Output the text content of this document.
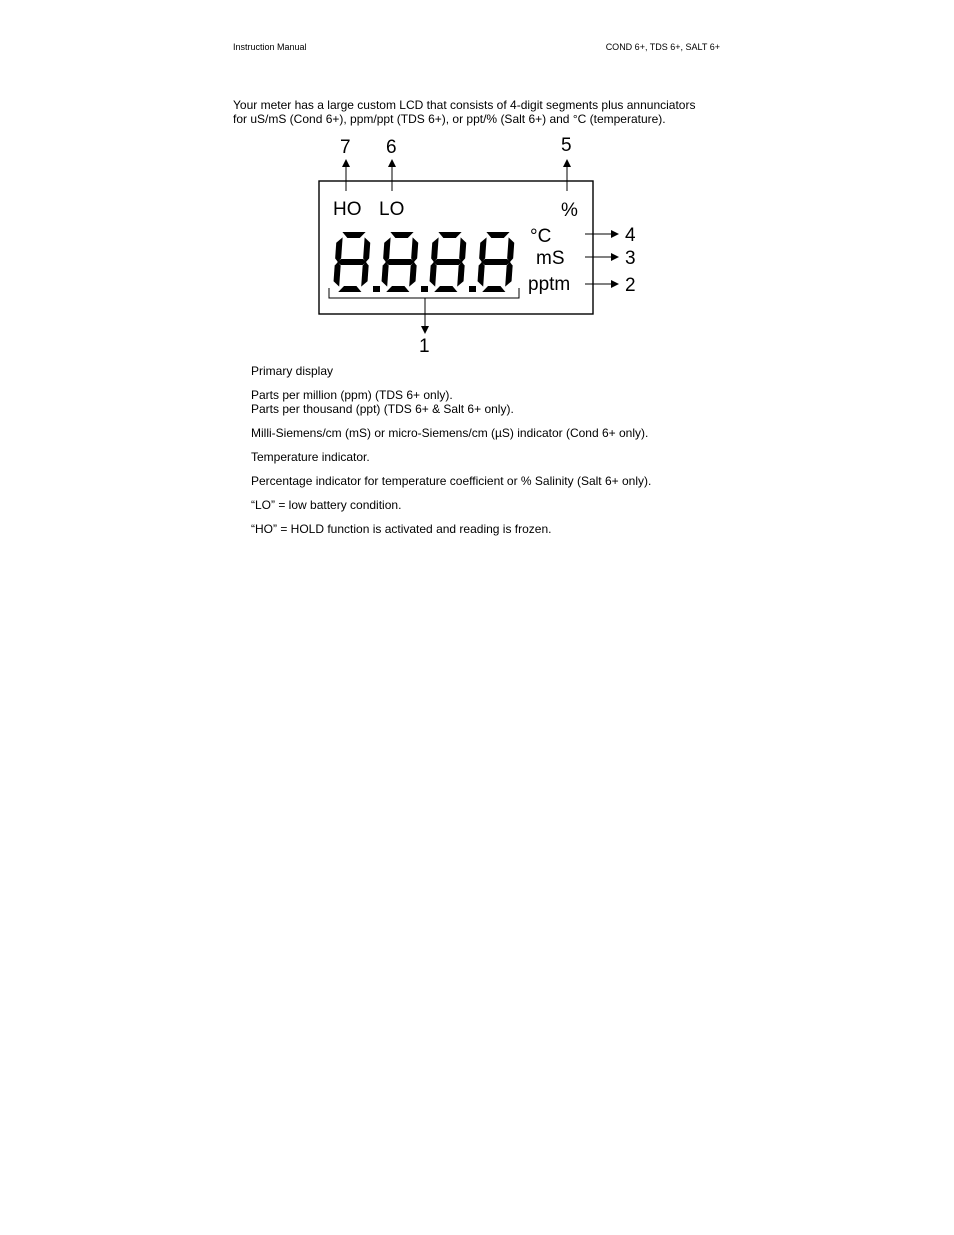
Instruction Manual	COND 6+, TDS 6+, SALT 6+

Your meter has a large custom LCD that consists of 4-digit segments plus annunciators

for uS/mS (Cond 6+), ppm/ppt (TDS 6+), or ppt/% (Salt 6+) and °C (temperature).

7 6	5
4
3
2
1
HO LO	%
°C
mS
pptm
Primary display
Parts per million (ppm) (TDS 6+ only).
Parts per thousand (ppt) (TDS 6+ & Salt 6+ only).
Milli-Siemens/cm (mS) or micro-Siemens/cm (µS) indicator (Cond 6+ only).
Temperature indicator.
Percentage indicator for temperature coefficient or % Salinity (Salt 6+ only).
“LO” = low battery condition.
“HO” = HOLD function is activated and reading is frozen.
